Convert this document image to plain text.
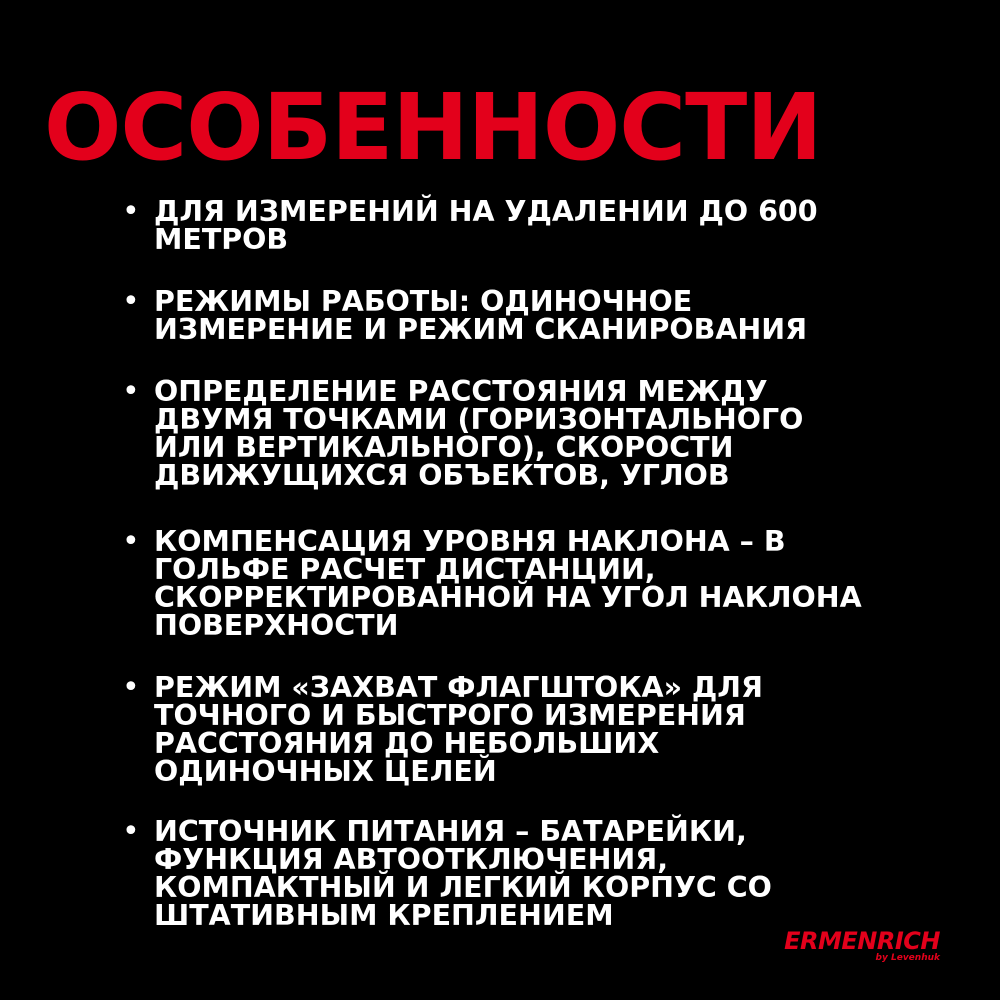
ОСОБЕННОСТИ
• ДЛЯ ИЗМЕРЕНИЙ НА УДАЛЕНИИ ДО 600
МЕТРОВ
• РЕЖИМЫ РАБОТЫ: ОДИНОЧНОЕ
ИЗМЕРЕНИЕ И РЕЖИМ СКАНИРОВАНИЯ
• ОПРЕДЕЛЕНИЕ РАССТОЯНИЯ МЕЖДУ
ДВУМЯ ТОЧКАМИ (ГОРИЗОНТАЛЬНОГО
ИЛИ ВЕРТИКАЛЬНОГО), СКОРОСТИ
ДВИЖУЩИХСЯ ОБЪЕКТОВ, УГЛОВ
• КОМПЕНСАЦИЯ УРОВНЯ НАКЛОНА – В
ГОЛЬФЕ РАСЧЕТ ДИСТАНЦИИ,
СКОРРЕКТИРОВАННОЙ НА УГОЛ НАКЛОНА
ПОВЕРХНОСТИ
• РЕЖИМ «ЗАХВАТ ФЛАГШТОКА» ДЛЯ
ТОЧНОГО И БЫСТРОГО ИЗМЕРЕНИЯ
РАССТОЯНИЯ ДО НЕБОЛЬШИХ
ОДИНОЧНЫХ ЦЕЛЕЙ
• ИСТОЧНИК ПИТАНИЯ – БАТАРЕЙКИ,
ФУНКЦИЯ АВТООТКЛЮЧЕНИЯ,
КОМПАКТНЫЙ И ЛЕГКИЙ КОРПУС СО
ШТАТИВНЫМ КРЕПЛЕНИЕМ
ERMENRICH
by Levenhuk
